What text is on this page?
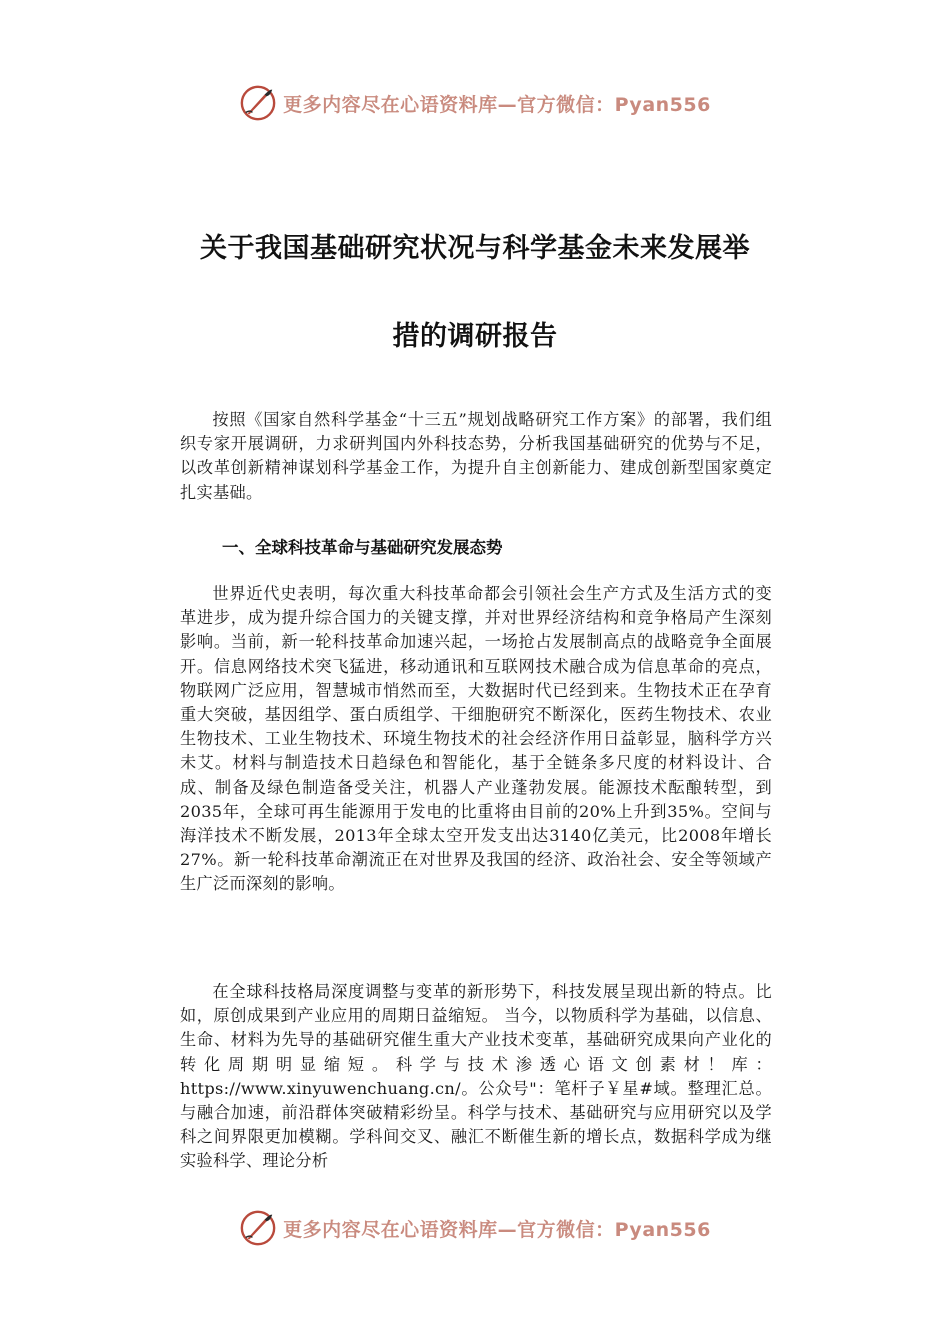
更多内容尽在心语资料库—官方微信：Pyan556
关于我国基础研究状况与科学基金未来发展举
措的调研报告

按照《国家自然科学基金“十三五”规划战略研究工作方案》的部署，我们组织专家开展调研，力求研判国内外科技态势，分析我国基础研究的优势与不足，以改革创新精神谋划科学基金工作，为提升自主创新能力、建成创新型国家奠定扎实基础。

一、全球科技革命与基础研究发展态势

世界近代史表明，每次重大科技革命都会引领社会生产方式及生活方式的变革进步，成为提升综合国力的关键支撑，并对世界经济结构和竞争格局产生深刻影响。当前，新一轮科技革命加速兴起，一场抢占发展制高点的战略竞争全面展开。信息网络技术突飞猛进，移动通讯和互联网技术融合成为信息革命的亮点，物联网广泛应用，智慧城市悄然而至，大数据时代已经到来。生物技术正在孕育重大突破，基因组学、蛋白质组学、干细胞研究不断深化，医药生物技术、农业生物技术、工业生物技术、环境生物技术的社会经济作用日益彰显，脑科学方兴未艾。材料与制造技术日趋绿色和智能化，基于全链条多尺度的材料设计、合成、制备及绿色制造备受关注，机器人产业蓬勃发展。能源技术酝酿转型，到2035年，全球可再生能源用于发电的比重将由目前的20%上升到35%。空间与海洋技术不断发展，2013年全球太空开发支出达3140亿美元，比2008年增长27%。新一轮科技革命潮流正在对世界及我国的经济、政治社会、安全等领域产生广泛而深刻的影响。

在全球科技格局深度调整与变革的新形势下，科技发展呈现出新的特点。比如，原创成果到产业应用的周期日益缩短。 当今，以物质科学为基础，以信息、生命、材料为先导的基础研究催生重大产业技术变革，基础研究成果向产业化的转化周期明显缩短。科学与技术渗透心语文创素材！库：https://www.xinyuwenchuang.cn/。公众号"：笔杆子￥星#域。整理汇总。与融合加速，前沿群体突破精彩纷呈。科学与技术、基础研究与应用研究以及学科之间界限更加模糊。学科间交叉、融汇不断催生新的增长点，数据科学成为继实验科学、理论分析

更多内容尽在心语资料库—官方微信：Pyan556
